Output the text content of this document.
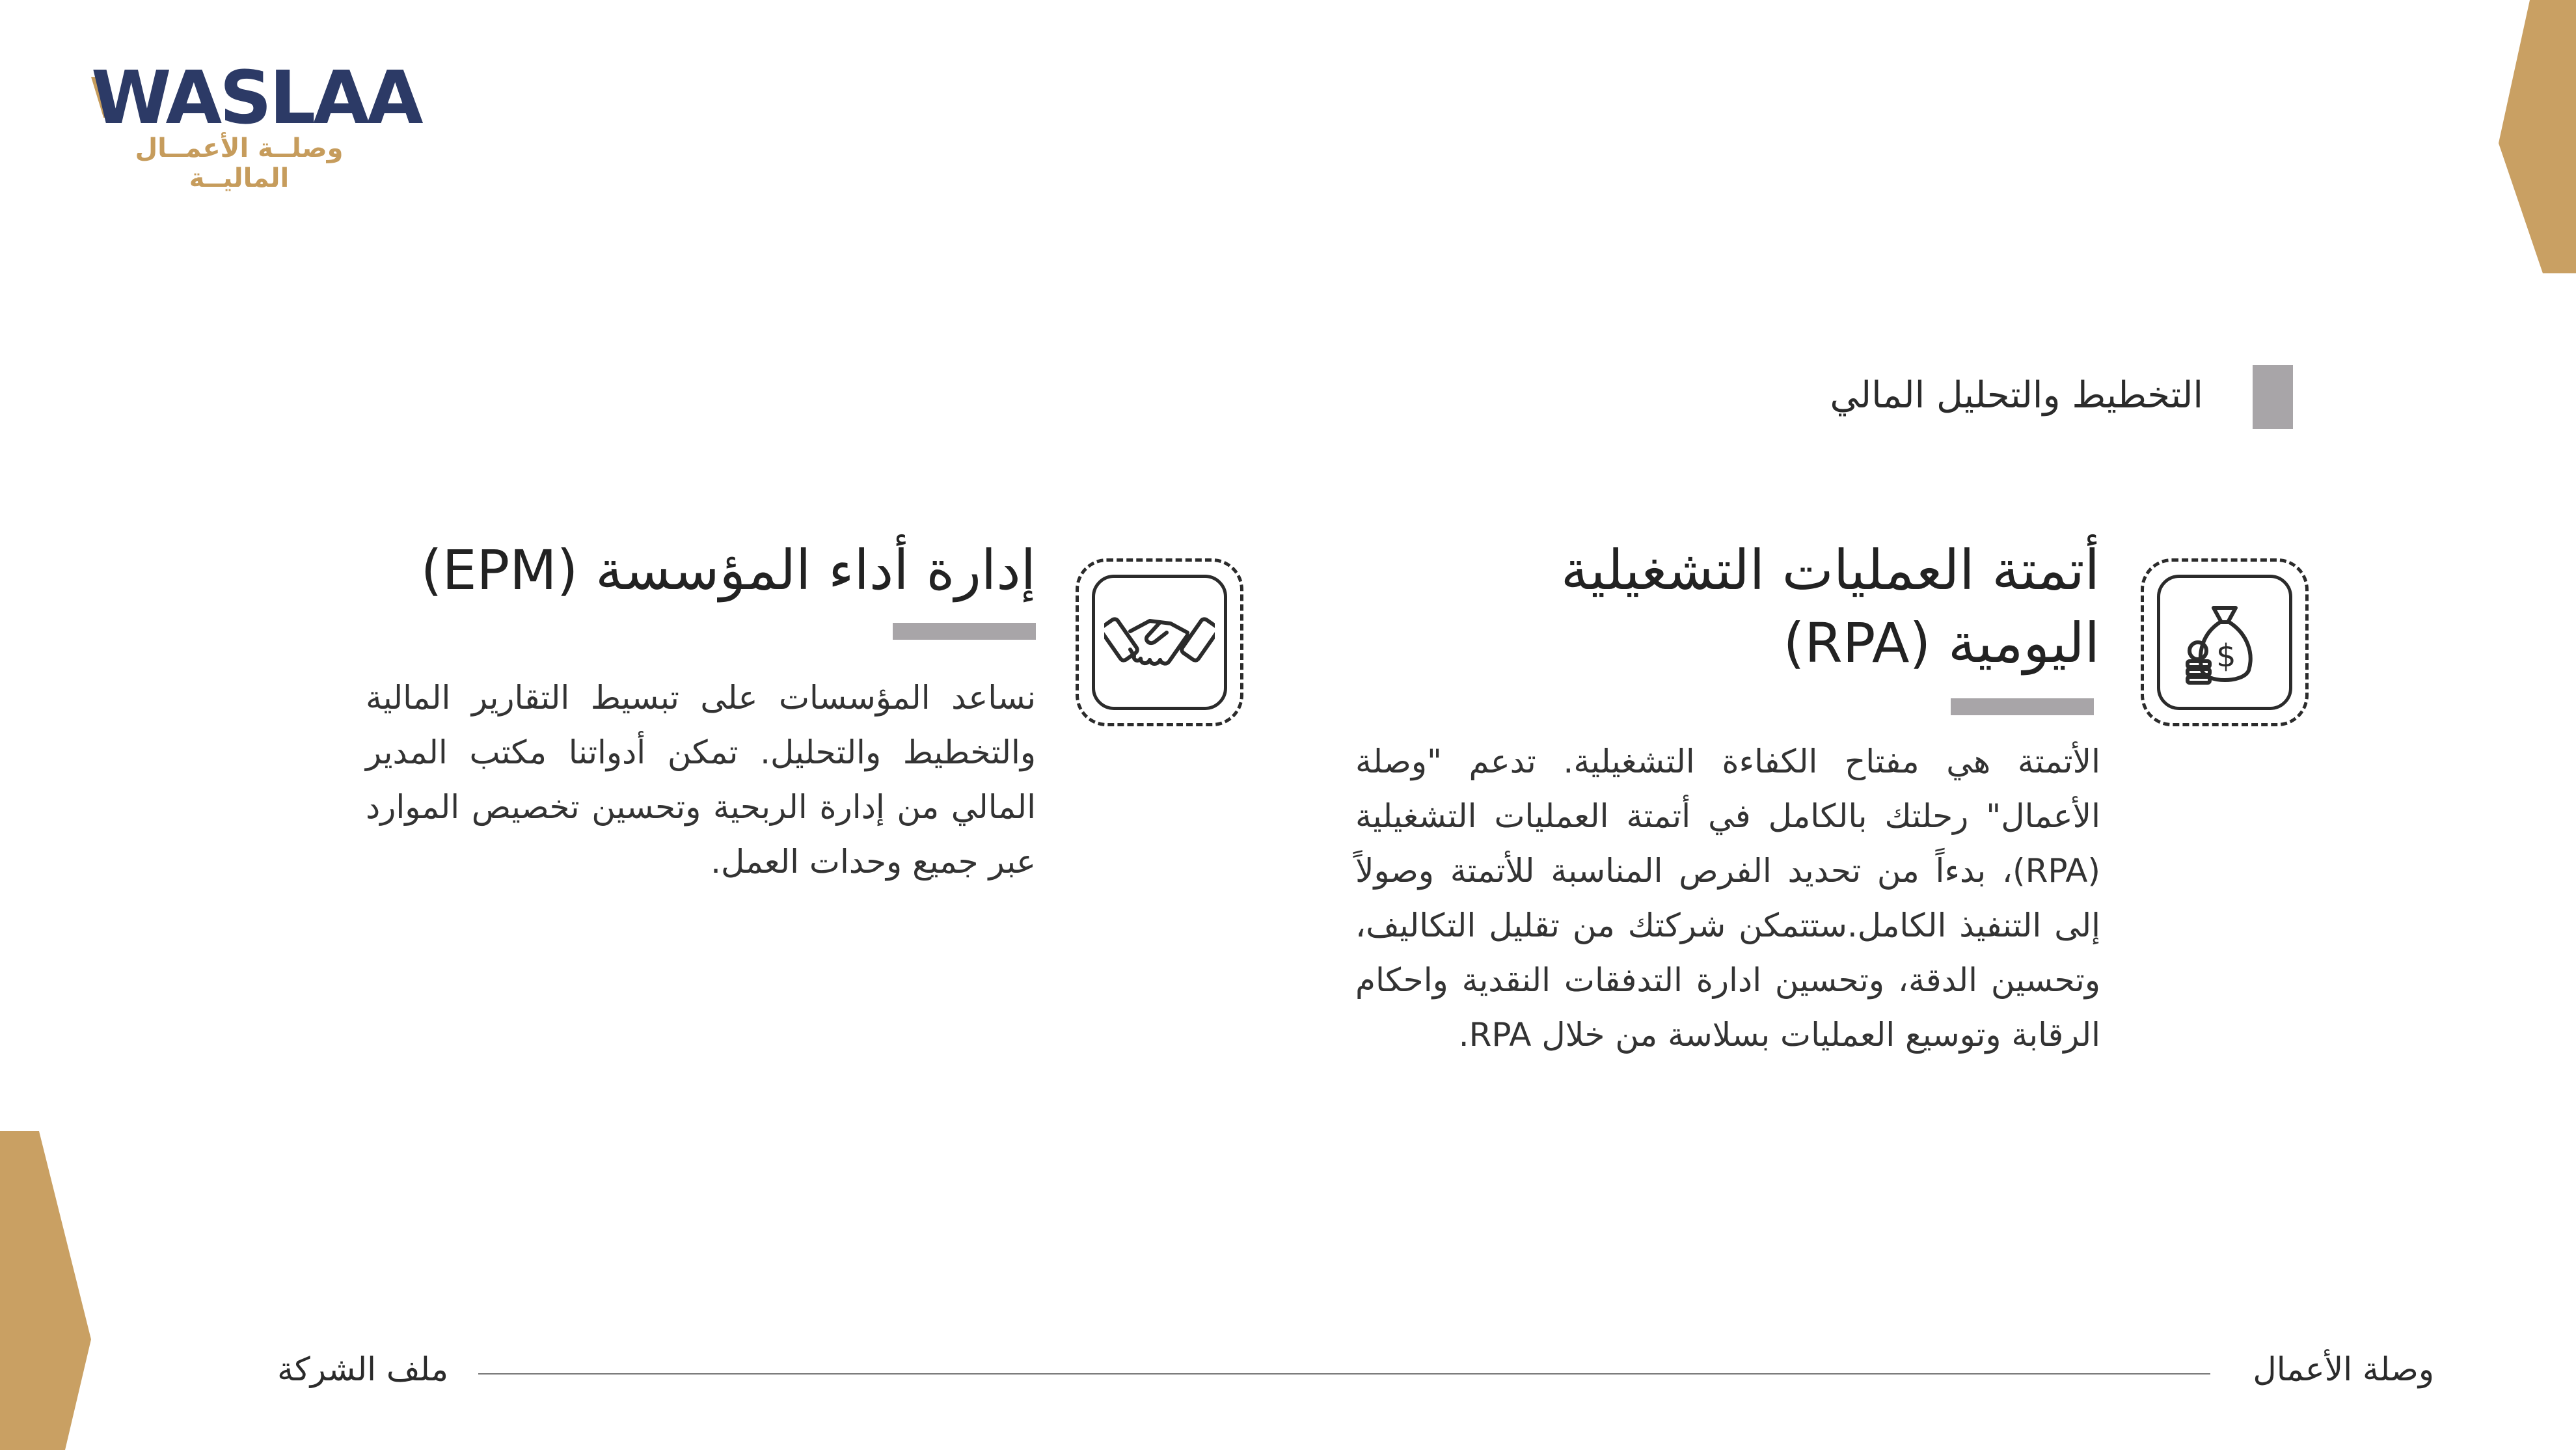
WASLAA
وصلــة الأعمــال الماليــة
التخطيط والتحليل المالي
$
أتمتة العمليات التشغيلية
اليومية (RPA)
الأتمتة هي مفتاح الكفاءة التشغيلية. تدعم "وصلة الأعمال" رحلتك بالكامل في أتمتة العمليات التشغيلية (RPA)، بدءاً من تحديد الفرص المناسبة للأتمتة وصولاً إلى التنفيذ الكامل.ستتمكن شركتك من تقليل التكاليف، وتحسين الدقة، وتحسين ادارة التدفقات النقدية واحكام الرقابة وتوسيع العمليات بسلاسة من خلال RPA.
إدارة أداء المؤسسة (EPM)
نساعد المؤسسات على تبسيط التقارير المالية والتخطيط والتحليل. تمكن أدواتنا مكتب المدير المالي من إدارة الربحية وتحسين تخصيص الموارد عبر جميع وحدات العمل.
ملف الشركة	وصلة الأعمال
